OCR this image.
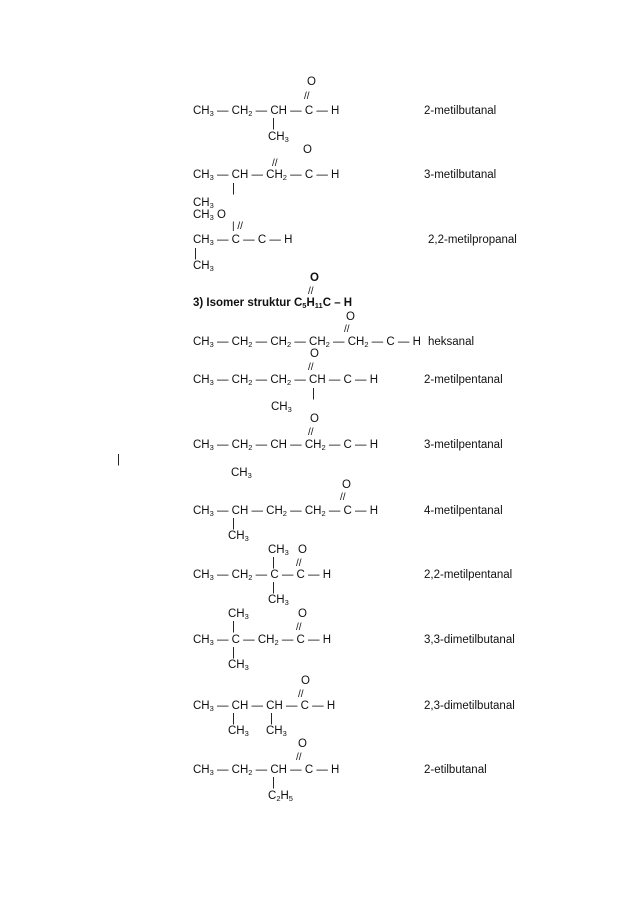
O
//
$CH_3$ — $CH_2$ — CH — C — H	2-metilbutanal
|
$CH_3$
O
//
$CH_3$ — CH — $CH_2$ — C — H	3-metilbutanal
|
$CH_3$
$CH_3$ O
| //
$CH_3$ — C — C — H	2,2-metilpropanal
|
$CH_3$
O
//
3) Isomer struktur $C_5H_{11}C$ – H
O
//
$CH_3$ — $CH_2$ — $CH_2$ — $CH_2$ — $CH_2$ — C — H heksanal
O
//
$CH_3$ — $CH_2$ — $CH_2$ — CH — C — H	2-metilpentanal
|
$CH_3$
O
//
$CH_3$ — $CH_2$ — CH — $CH_2$ — C — H	3-metilpentanal
|
$CH_3$
O
//
$CH_3$ — CH — $CH_2$ — $CH_2$ — C — H	4-metilpentanal
|
$CH_3$
$CH_3$ O
| //
$CH_3$ — $CH_2$ — C — C — H	2,2-metilpentanal
|
$CH_3$
$CH_3$	O
|	//
$CH_3$ — C — $CH_2$ — C — H	3,3-dimetilbutanal
|
$CH_3$
O
//
$CH_3$ — CH — CH — C — H	2,3-dimetilbutanal
|	|
$CH_3$ $CH_3$
O
//
$CH_3$ — $CH_2$ — CH — C — H	2-etilbutanal
|
$C_2H_5$
